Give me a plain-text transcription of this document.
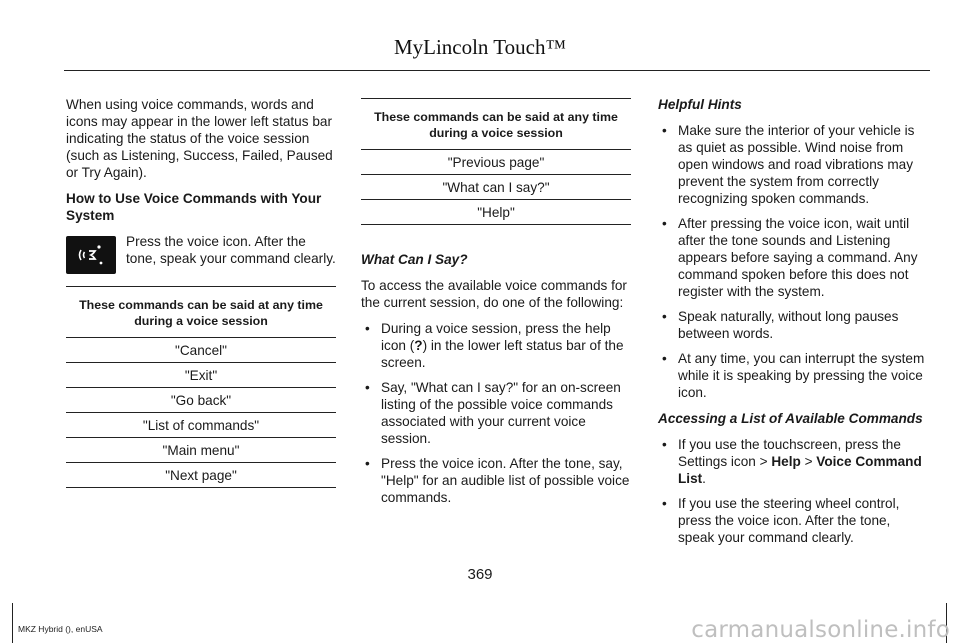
MyLincoln Touch™

When using voice commands, words and icons may appear in the lower left status bar indicating the status of the voice session (such as Listening, Success, Failed, Paused or Try Again).

How to Use Voice Commands with Your System
Press the voice icon. After the tone, speak your command clearly.
These commands can be said at any time during a voice session
"Cancel"
"Exit"
"Go back"
"List of commands"
"Main menu"
"Next page"
These commands can be said at any time during a voice session
"Previous page"
"What can I say?"
"Help"
What Can I Say?

To access the available voice commands for the current session, do one of the following:

• During a voice session, press the help icon (?) in the lower left status bar of the screen.
• Say, "What can I say?" for an on-screen listing of the possible voice commands associated with your current voice session.
• Press the voice icon. After the tone, say, "Help" for an audible list of possible voice commands.
Helpful Hints
• Make sure the interior of your vehicle is as quiet as possible. Wind noise from open windows and road vibrations may prevent the system from correctly recognizing spoken commands.
• After pressing the voice icon, wait until after the tone sounds and Listening appears before saying a command. Any command spoken before this does not register with the system.
• Speak naturally, without long pauses between words.
• At any time, you can interrupt the system while it is speaking by pressing the voice icon.
Accessing a List of Available Commands
• If you use the touchscreen, press the Settings icon > Help > Voice Command List.
• If you use the steering wheel control, press the voice icon. After the tone, speak your command clearly.
369
MKZ Hybrid (), enUSA	carmanualsonline.info
